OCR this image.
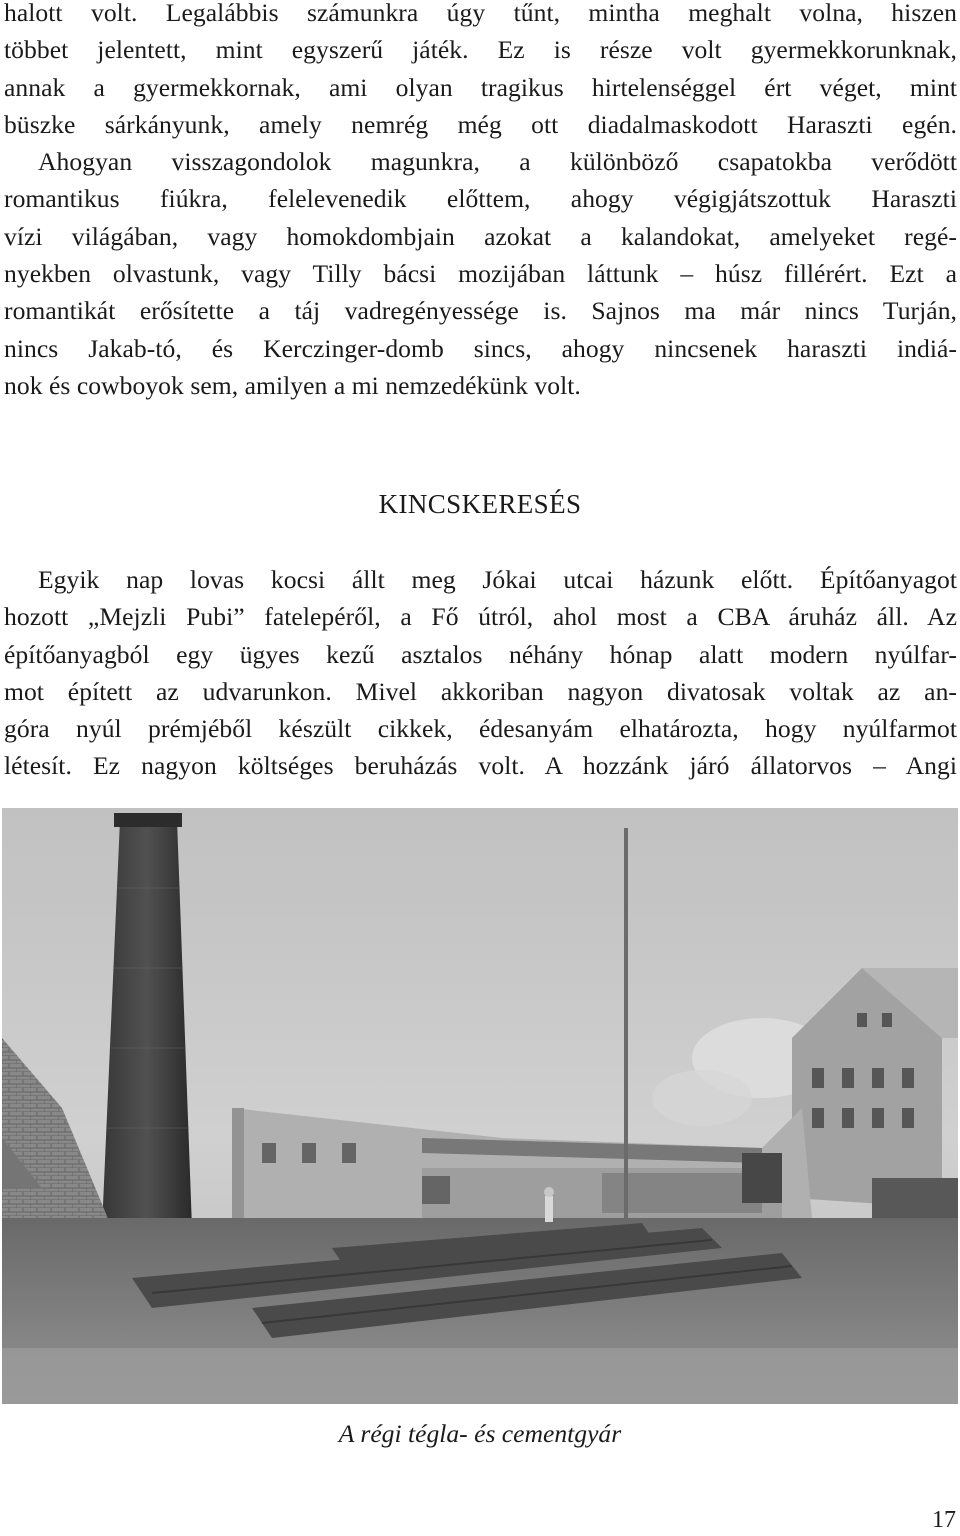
halott volt. Legalábbis számunkra úgy tűnt, mintha meghalt volna, hiszen
többet jelentett, mint egyszerű játék. Ez is része volt gyermekkorunknak,
annak a gyermekkornak, ami olyan tragikus hirtelenséggel ért véget, mint
büszke sárkányunk, amely nemrég még ott diadalmaskodott Haraszti egén.
Ahogyan visszagondolok magunkra, a különböző csapatokba verődött
romantikus fiúkra, felelevenedik előttem, ahogy végigjátszottuk Haraszti
vízi világában, vagy homokdombjain azokat a kalandokat, amelyeket regé-
nyekben olvastunk, vagy Tilly bácsi mozijában láttunk – húsz fillérért. Ezt a
romantikát erősítette a táj vadregényessége is. Sajnos ma már nincs Turján,
nincs Jakab-tó, és Kerczinger-domb sincs, ahogy nincsenek haraszti indiá-
nok és cowboyok sem, amilyen a mi nemzedékünk volt.
KINCSKERESÉS
Egyik nap lovas kocsi állt meg Jókai utcai házunk előtt. Építőanyagot
hozott „Mejzli Pubi” fatelepéről, a Fő útról, ahol most a CBA áruház áll. Az
építőanyagból egy ügyes kezű asztalos néhány hónap alatt modern nyúlfar-
mot épített az udvarunkon. Mivel akkoriban nagyon divatosak voltak az an-
góra nyúl prémjéből készült cikkek, édesanyám elhatározta, hogy nyúlfarmot
létesít. Ez nagyon költséges beruházás volt. A hozzánk járó állatorvos – Angi
A régi tégla- és cementgyár
17
